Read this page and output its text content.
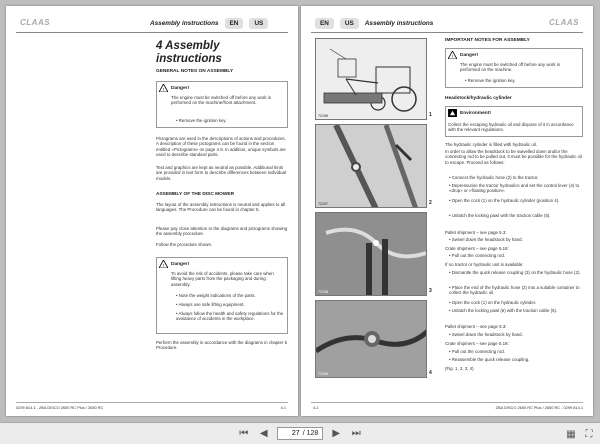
CLAAS	Assembly instructions	EN	US
4 Assembly instructions
GENERAL NOTES ON ASSEMBLY
! Danger!
The engine must be switched off before any work is performed on the machine/front attachment.
• Remove the ignition key.
Pictograms are used in the descriptions of actions and procedures. A description of these pictograms can be found in the section entitled «Pictograms» on page 4.9. In addition, unique symbols are used to describe standard parts.
Text and graphics are kept as neutral as possible. Additional hints are provided in text form to describe differences between individual models.
ASSEMBLY OF THE DISC MOWER
The layout of the assembly instructions is neutral and applies to all languages. The Procedure can be found in chapter 5.
Please pay close attention to the diagrams and pictograms showing the assembly procedure.
Follow the procedure shown.
! Danger!
To avoid the risk of accidents, please take care when lifting heavy parts from the packaging and during assembly.
• Note the weight indications of the parts.
• Always use safe lifting equipment.
• Always follow the health and safety regulations for the avoidance of accidents in the workplace.
Perform the assembly in accordance with the diagrams in chapter 5 Procedure.
0299 814.1 - ZBA DISCO 2650 RC Plus / 2650 RC	4.1
EN	US	Assembly instructions	CLAAS
72196	1
72197	2
72198	3
72199	4
IMPORTANT NOTES FOR ASSEMBLY
! Danger!
The engine must be switched off before any work is performed on the machine.
• Remove the ignition key.
Headstock/hydraulic cylinder
Environment!
Collect the escaping hydraulic oil and dispose of it in accordance with the relevant regulations.
The hydraulic cylinder is filled with hydraulic oil.
In order to allow the headstock to be swivelled down and/or the connecting rod to be pulled out, it must be possible for the hydraulic oil to escape. Proceed as follows:
• Connect the hydraulic hose (2) to the tractor.
• Depressurise the tractor hydraulics and set the control lever (4) to «drop» or «floating position».
• Open the cock (1) on the hydraulic cylinder (position 4).
• Unlatch the locking pawl with the traction cable (5).
Pallet shipment – see page 5.3:
• Swivel down the headstock by hand.
Crate shipment – see page 5.19:
• Pull out the connecting rod.
If no tractor or hydraulic unit is available:
• Dismantle the quick release coupling (3) on the hydraulic hose (2).
• Place the end of the hydraulic hose (2) into a suitable container to collect the hydraulic oil.
• Open the cock (1) on the hydraulic cylinder.
• Unlatch the locking pawl (6) with the traction cable (5).
Pallet shipment – see page 5.3:
• Swivel down the headstock by hand.
Crate shipment – see page 5.19:
• Pull out the connecting rod.
• Reassemble the quick release coupling.
(Fig. 1, 2, 3, 4)
4.2	ZBA DISCO 2650 RC Plus / 2650 RC - 0299 814.1
⏮	◀
27	/ 128	▶	⏭	▦ ⛶
